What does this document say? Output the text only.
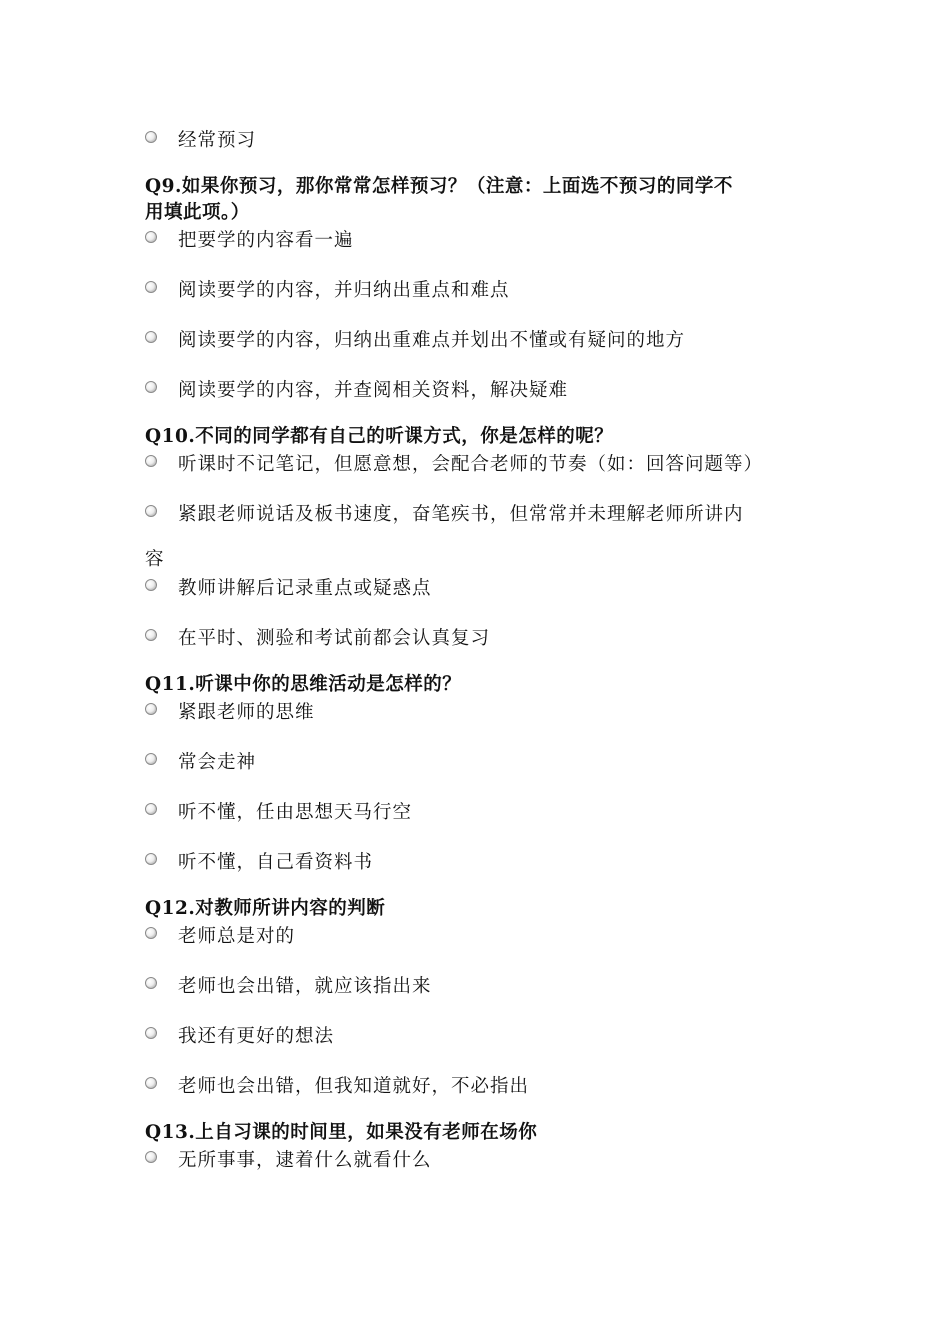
经常预习
Q9.如果你预习，那你常常怎样预习？（注意：上面选不预习的同学不
用填此项。）
把要学的内容看一遍
阅读要学的内容，并归纳出重点和难点
阅读要学的内容，归纳出重难点并划出不懂或有疑问的地方
阅读要学的内容，并查阅相关资料，解决疑难
Q10.不同的同学都有自己的听课方式，你是怎样的呢？
听课时不记笔记，但愿意想，会配合老师的节奏（如：回答问题等）
紧跟老师说话及板书速度，奋笔疾书，但常常并未理解老师所讲内
容
教师讲解后记录重点或疑惑点
在平时、测验和考试前都会认真复习
Q11.听课中你的思维活动是怎样的？
紧跟老师的思维
常会走神
听不懂，任由思想天马行空
听不懂，自己看资料书
Q12.对教师所讲内容的判断
老师总是对的
老师也会出错，就应该指出来
我还有更好的想法
老师也会出错，但我知道就好，不必指出
Q13.上自习课的时间里，如果没有老师在场你
无所事事，逮着什么就看什么
